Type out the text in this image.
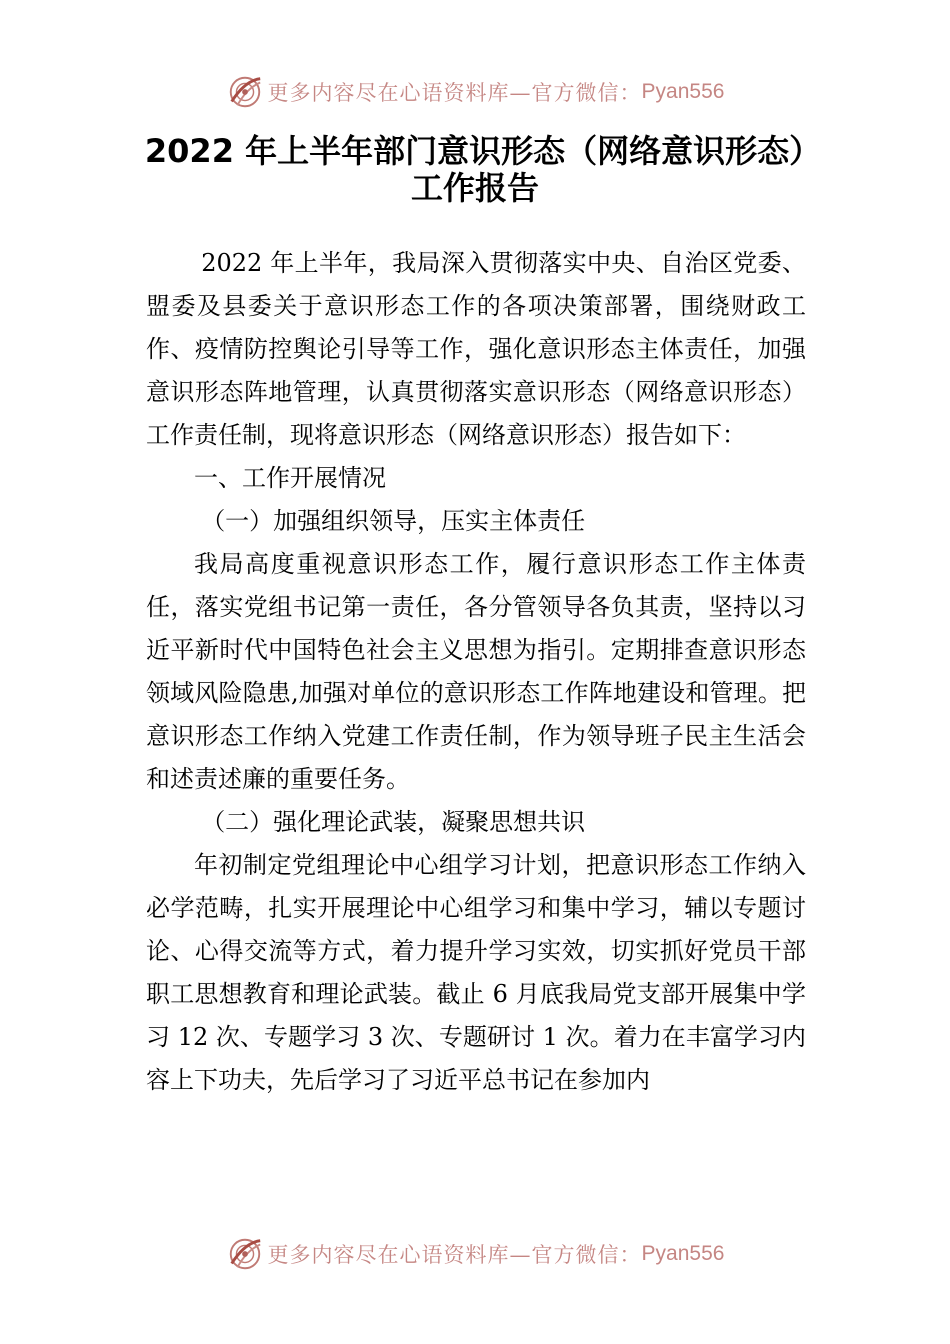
更多内容尽在心语资料库—官方微信： Pyan556
2022 年上半年部门意识形态（网络意识形态）工作报告

2022 年上半年，我局深入贯彻落实中央、自治区党委、盟委及县委关于意识形态工作的各项决策部署，围绕财政工作、疫情防控舆论引导等工作，强化意识形态主体责任，加强意识形态阵地管理，认真贯彻落实意识形态（网络意识形态）工作责任制，现将意识形态（网络意识形态）报告如下：

一、工作开展情况

（一）加强组织领导，压实主体责任

我局高度重视意识形态工作，履行意识形态工作主体责任，落实党组书记第一责任，各分管领导各负其责，坚持以习近平新时代中国特色社会主义思想为指引。定期排查意识形态领域风险隐患,加强对单位的意识形态工作阵地建设和管理。把意识形态工作纳入党建工作责任制，作为领导班子民主生活会和述责述廉的重要任务。

（二）强化理论武装，凝聚思想共识

年初制定党组理论中心组学习计划，把意识形态工作纳入必学范畴，扎实开展理论中心组学习和集中学习，辅以专题讨论、心得交流等方式，着力提升学习实效，切实抓好党员干部职工思想教育和理论武装。截止 6 月底我局党支部开展集中学习 12 次、专题学习 3 次、专题研讨 1 次。着力在丰富学习内容上下功夫，先后学习了习近平总书记在参加内

更多内容尽在心语资料库—官方微信： Pyan556
